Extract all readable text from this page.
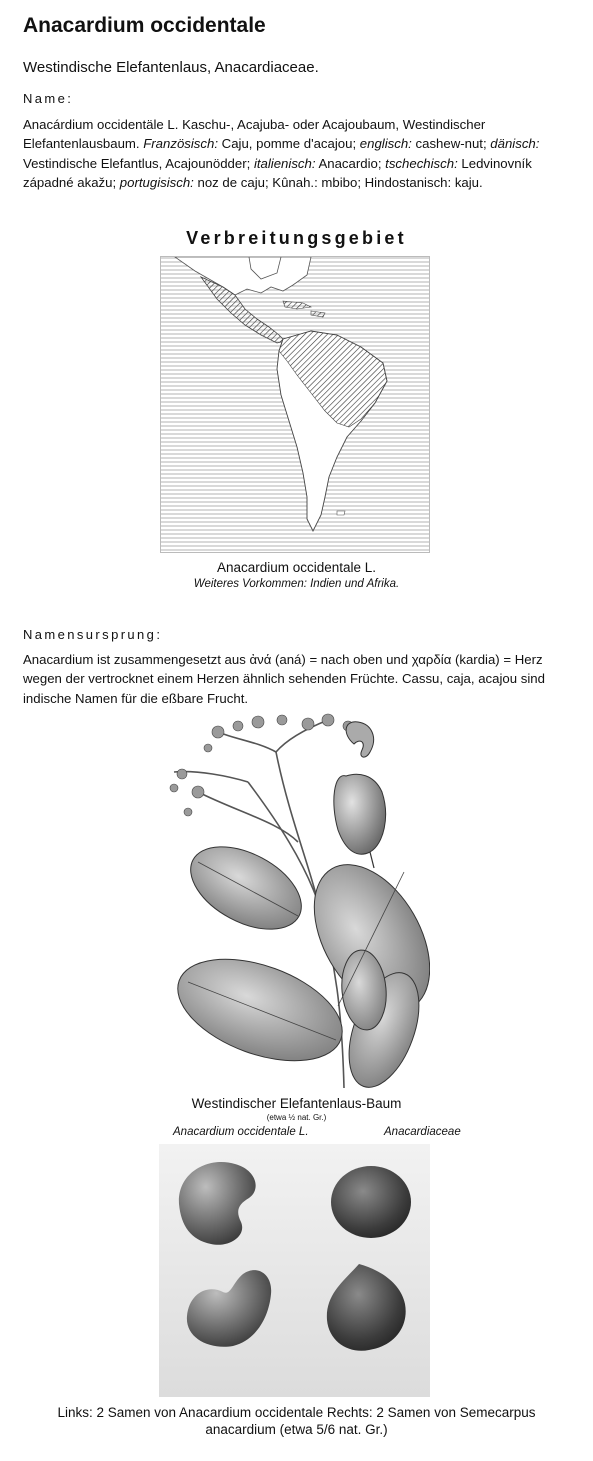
Anacardium occidentale
Westindische Elefantenlaus, Anacardiaceae.
Name:
Anacárdium occidentäle L. Kaschu-, Acajuba- oder Acajoubaum, Westindischer Elefantenlausbaum. Französisch: Caju, pomme d'acajou; englisch: cashew-nut; dänisch: Vestindische Elefantlus, Acajounödder; italienisch: Anacardio; tschechisch: Ledvinovník západné akažu; portugisisch: noz de caju; Kûnah.: mbibo; Hindostanisch: kaju.
Verbreitungsgebiet
Anacardium occidentale L.
Weiteres Vorkommen: Indien und Afrika.
Namensursprung:
Anacardium ist zusammengesetzt aus ἀνά (aná) = nach oben und χαρδία (kardia) = Herz wegen der vertrocknet einem Herzen ähnlich sehenden Früchte. Cassu, caja, acajou sind indische Namen für die eßbare Frucht.
Westindischer Elefantenlaus-Baum
(etwa ½ nat. Gr.)
Anacardium occidentale L.	Anacardiaceae
Links: 2 Samen von Anacardium occidentale Rechts: 2 Samen von Semecarpus
anacardium (etwa 5/6 nat. Gr.)
